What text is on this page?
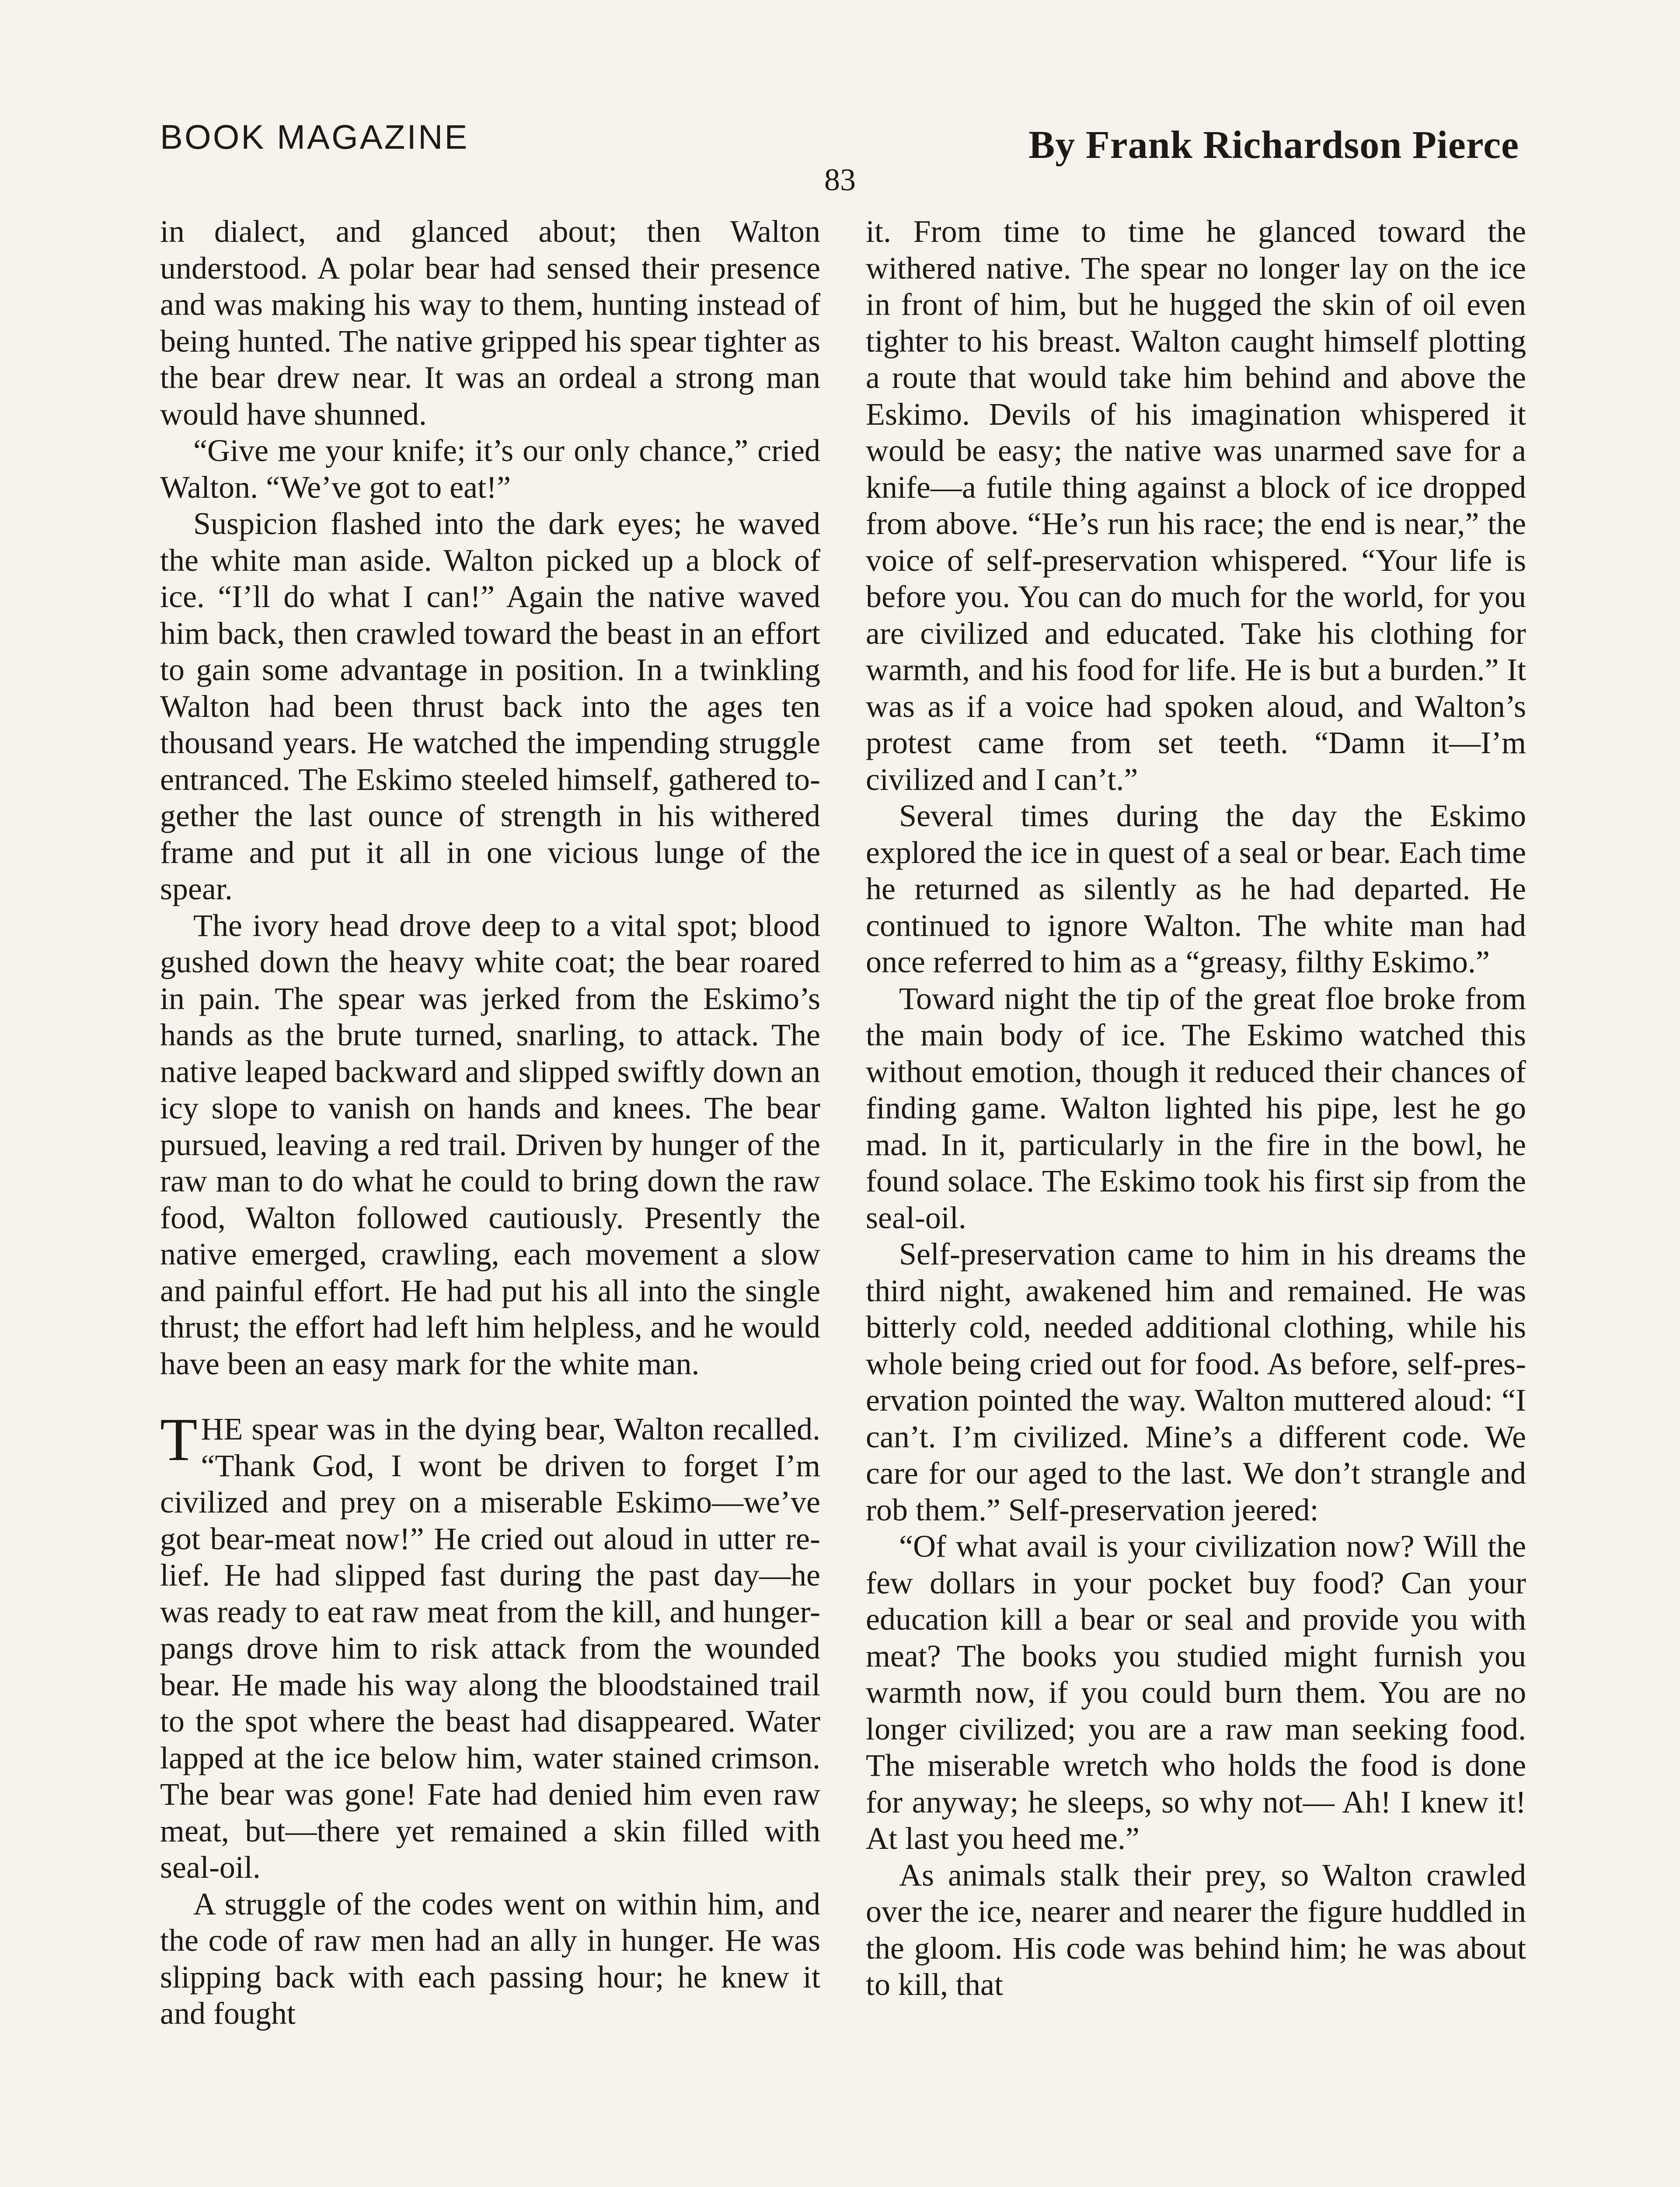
BOOK MAGAZINE	By Frank Richardson Pierce
83

in dialect, and glanced about; then Walton understood. A polar bear had sensed their presence and was making his way to them, hunting instead of being hunted. The native gripped his spear tighter as the bear drew near. It was an ordeal a strong man would have shunned.

“Give me your knife; it’s our only chance,” cried Walton. “We’ve got to eat!”

Suspicion flashed into the dark eyes; he waved the white man aside. Walton picked up a block of ice. “I’ll do what I can!” Again the native waved him back, then crawled toward the beast in an effort to gain some advantage in position. In a twinkling Walton had been thrust back into the ages ten thousand years. He watched the impending struggle entranced. The Eskimo steeled himself, gathered together the last ounce of strength in his withered frame and put it all in one vicious lunge of the spear.

The ivory head drove deep to a vital spot; blood gushed down the heavy white coat; the bear roared in pain. The spear was jerked from the Eskimo’s hands as the brute turned, snarling, to attack. The native leaped backward and slipped swiftly down an icy slope to vanish on hands and knees. The bear pursued, leaving a red trail. Driven by hunger of the raw man to do what he could to bring down the raw food, Walton followed cautiously. Presently the native emerged, crawling, each movement a slow and painful effort. He had put his all into the single thrust; the effort had left him helpless, and he would have been an easy mark for the white man.

THE spear was in the dying bear, Walton recalled. “Thank God, I wont be driven to forget I’m civilized and prey on a miserable Eskimo—we’ve got bear-meat now!” He cried out aloud in utter relief. He had slipped fast during the past day—he was ready to eat raw meat from the kill, and hunger-pangs drove him to risk attack from the wounded bear. He made his way along the bloodstained trail to the spot where the beast had disappeared. Water lapped at the ice below him, water stained crimson. The bear was gone! Fate had denied him even raw meat, but—there yet remained a skin filled with seal-oil.

A struggle of the codes went on within him, and the code of raw men had an ally in hunger. He was slipping back with each passing hour; he knew it and fought

it. From time to time he glanced toward the withered native. The spear no longer lay on the ice in front of him, but he hugged the skin of oil even tighter to his breast. Walton caught himself plotting a route that would take him behind and above the Eskimo. Devils of his imagination whispered it would be easy; the native was unarmed save for a knife—a futile thing against a block of ice dropped from above. “He’s run his race; the end is near,” the voice of self-preservation whispered. “Your life is before you. You can do much for the world, for you are civilized and educated. Take his clothing for warmth, and his food for life. He is but a burden.” It was as if a voice had spoken aloud, and Walton’s protest came from set teeth. “Damn it—I’m civilized and I can’t.”

Several times during the day the Eskimo explored the ice in quest of a seal or bear. Each time he returned as silently as he had departed. He continued to ignore Walton. The white man had once referred to him as a “greasy, filthy Eskimo.”

Toward night the tip of the great floe broke from the main body of ice. The Eskimo watched this without emotion, though it reduced their chances of finding game. Walton lighted his pipe, lest he go mad. In it, particularly in the fire in the bowl, he found solace. The Eskimo took his first sip from the seal-oil.

Self-preservation came to him in his dreams the third night, awakened him and remained. He was bitterly cold, needed additional clothing, while his whole being cried out for food. As before, self-preservation pointed the way. Walton muttered aloud: “I can’t. I’m civilized. Mine’s a different code. We care for our aged to the last. We don’t strangle and rob them.” Self-preservation jeered:

“Of what avail is your civilization now? Will the few dollars in your pocket buy food? Can your education kill a bear or seal and provide you with meat? The books you studied might furnish you warmth now, if you could burn them. You are no longer civilized; you are a raw man seeking food. The miserable wretch who holds the food is done for anyway; he sleeps, so why not— Ah! I knew it! At last you heed me.”

As animals stalk their prey, so Walton crawled over the ice, nearer and nearer the figure huddled in the gloom. His code was behind him; he was about to kill, that
